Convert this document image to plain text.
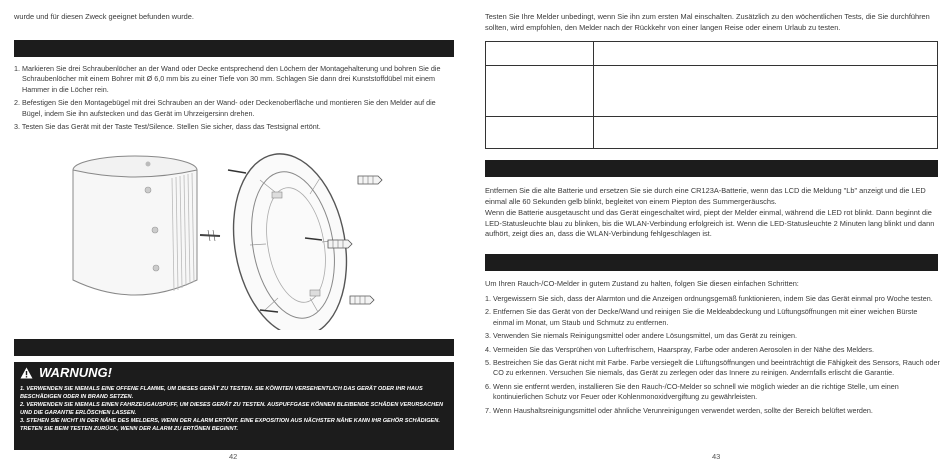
wurde und für diesen Zweck geeignet befunden wurde.
1. Markieren Sie drei Schraubenlöcher an der Wand oder Decke entsprechend den Löchern der Montagehalterung und bohren Sie die Schraubenlöcher mit einem Bohrer mit Ø 6,0 mm bis zu einer Tiefe von 30 mm. Schlagen Sie dann drei Kunststoffdübel mit einem Hammer in die Löcher rein.
2. Befestigen Sie den Montagebügel mit drei Schrauben an der Wand- oder Deckenoberfläche und montieren Sie den Melder auf die Bügel, indem Sie ihn aufstecken und das Gerät im Uhrzeigersinn drehen.
3. Testen Sie das Gerät mit der Taste Test/Silence. Stellen Sie sicher, dass das Testsignal ertönt.
WARNUNG!
1. VERWENDEN SIE NIEMALS EINE OFFENE FLAMME, UM DIESES GERÄT ZU TESTEN. SIE KÖNNTEN VERSEHENTLICH DAS GERÄT ODER IHR HAUS BESCHÄDIGEN ODER IN BRAND SETZEN.
2. VERWENDEN SIE NIEMALS EINEN FAHRZEUGAUSPUFF, UM DIESES GERÄT ZU TESTEN. AUSPUFFGASE KÖNNEN BLEIBENDE SCHÄDEN VERURSACHEN UND DIE GARANTIE ERLÖSCHEN LASSEN.
3. STEHEN SIE NICHT IN DER NÄHE DES MELDERS, WENN DER ALARM ERTÖNT. EINE EXPOSITION AUS NÄCHSTER NÄHE KANN IHR GEHÖR SCHÄDIGEN. TRETEN SIE BEIM TESTEN ZURÜCK, WENN DER ALARM ZU ERTÖNEN BEGINNT.
42
Testen Sie Ihre Melder unbedingt, wenn Sie ihn zum ersten Mal einschalten. Zusätzlich zu den wöchentlichen Tests, die Sie durchführen sollten, wird empfohlen, den Melder nach der Rückkehr von einer langen Reise oder einem Urlaub zu testen.

Entfernen Sie die alte Batterie und ersetzen Sie sie durch eine CR123A-Batterie, wenn das LCD die Meldung "Lb" anzeigt und die LED einmal alle 60 Sekunden gelb blinkt, begleitet von einem Piepton des Summergeräuschs.
Wenn die Batterie ausgetauscht und das Gerät eingeschaltet wird, piept der Melder einmal, während die LED rot blinkt. Dann beginnt die LED-Statusleuchte blau zu blinken, bis die WLAN-Verbindung erfolgreich ist. Wenn die LED-Statusleuchte 2 Minuten lang blinkt und dann aufhört, zeigt dies an, dass die WLAN-Verbindung fehlgeschlagen ist.
Um Ihren Rauch-/CO-Melder in gutem Zustand zu halten, folgen Sie diesen einfachen Schritten:
1. Vergewissern Sie sich, dass der Alarmton und die Anzeigen ordnungsgemäß funktionieren, indem Sie das Gerät einmal pro Woche testen.
2. Entfernen Sie das Gerät von der Decke/Wand und reinigen Sie die Meldeabdeckung und Lüftungsöffnungen mit einer weichen Bürste einmal im Monat, um Staub und Schmutz zu entfernen.
3. Verwenden Sie niemals Reinigungsmittel oder andere Lösungsmittel, um das Gerät zu reinigen.
4. Vermeiden Sie das Versprühen von Lufterfrischern, Haarspray, Farbe oder anderen Aerosolen in der Nähe des Melders.
5. Bestreichen Sie das Gerät nicht mit Farbe. Farbe versiegelt die Lüftungsöffnungen und beeinträchtigt die Fähigkeit des Sensors, Rauch oder CO zu erkennen. Versuchen Sie niemals, das Gerät zu zerlegen oder das Innere zu reinigen. Andernfalls erlischt die Garantie.
6. Wenn sie entfernt werden, installieren Sie den Rauch-/CO-Melder so schnell wie möglich wieder an die richtige Stelle, um einen kontinuierlichen Schutz vor Feuer oder Kohlenmonoxidvergiftung zu gewährleisten.
7. Wenn Haushaltsreinigungsmittel oder ähnliche Verunreinigungen verwendet werden, sollte der Bereich belüftet werden.
43
